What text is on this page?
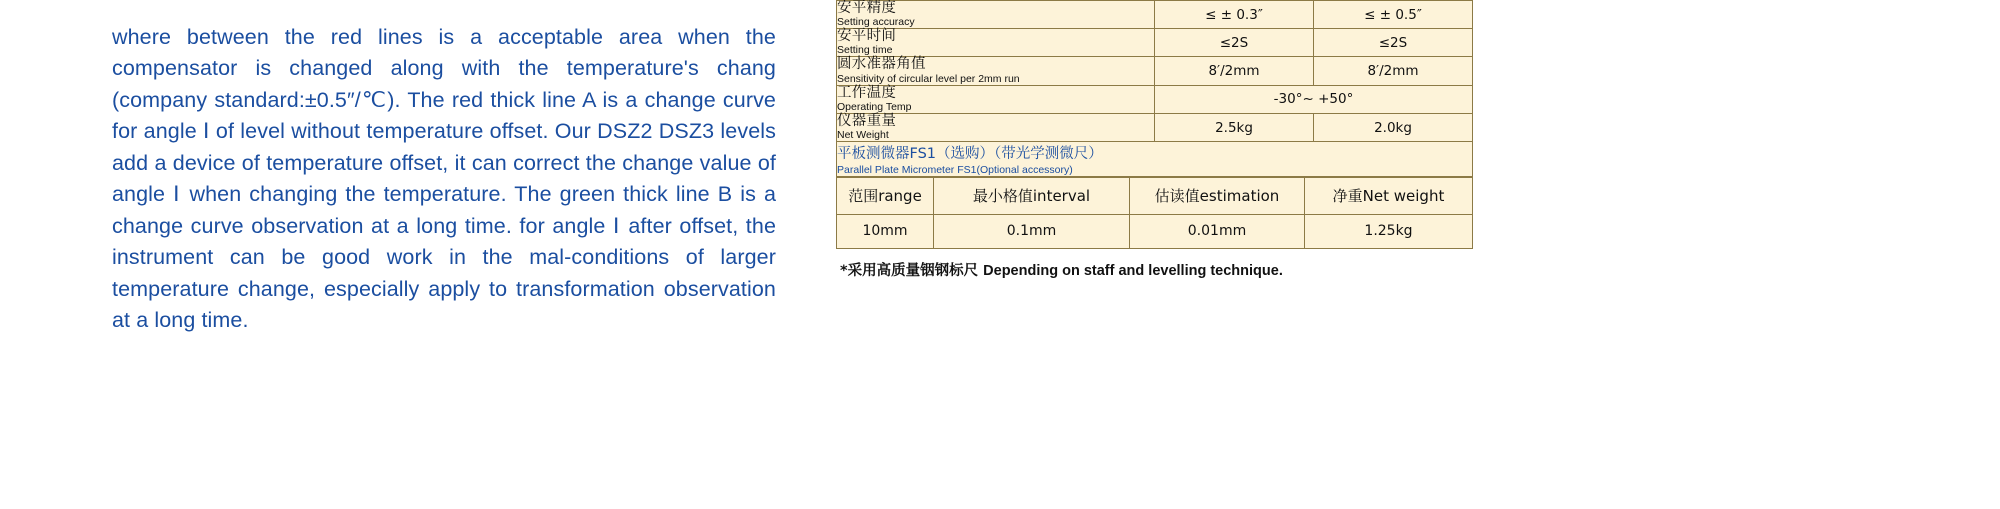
where between the red lines is a acceptable area when the compensator is changed along with the temperature's chang (company standard:±0.5″/℃). The red thick line A is a change curve for angle Ⅰ of level without temperature offset. Our DSZ2 DSZ3 levels add a device of temperature offset, it can correct the change value of angle Ⅰ when changing the temperature. The green thick line B is a change curve observation at a long time. for angle Ⅰ after offset, the instrument can be good work in the mal-conditions of larger temperature change, especially apply to transformation observation at a long time.

安平精度
Setting accuracy	≤ ± 0.3″	≤ ± 0.5″

安平时间
Setting time	≤2S	≤2S

圆水准器角值
Sensitivity of circular level per 2mm run	8′/2mm	8′/2mm

工作温度
Operating Temp	-30°~ +50°	

仪器重量
Net Weight	2.5kg	2.0kg

平板测微器FS1（选购）（带光学测微尺）
Parallel Plate Micrometer FS1(Optional accessory)		
范围range	最小格值interval	估读值estimation	净重Net weight
10mm	0.1mm	0.01mm	1.25kg
*采用高质量铟钢标尺 Depending on staff and levelling technique.
